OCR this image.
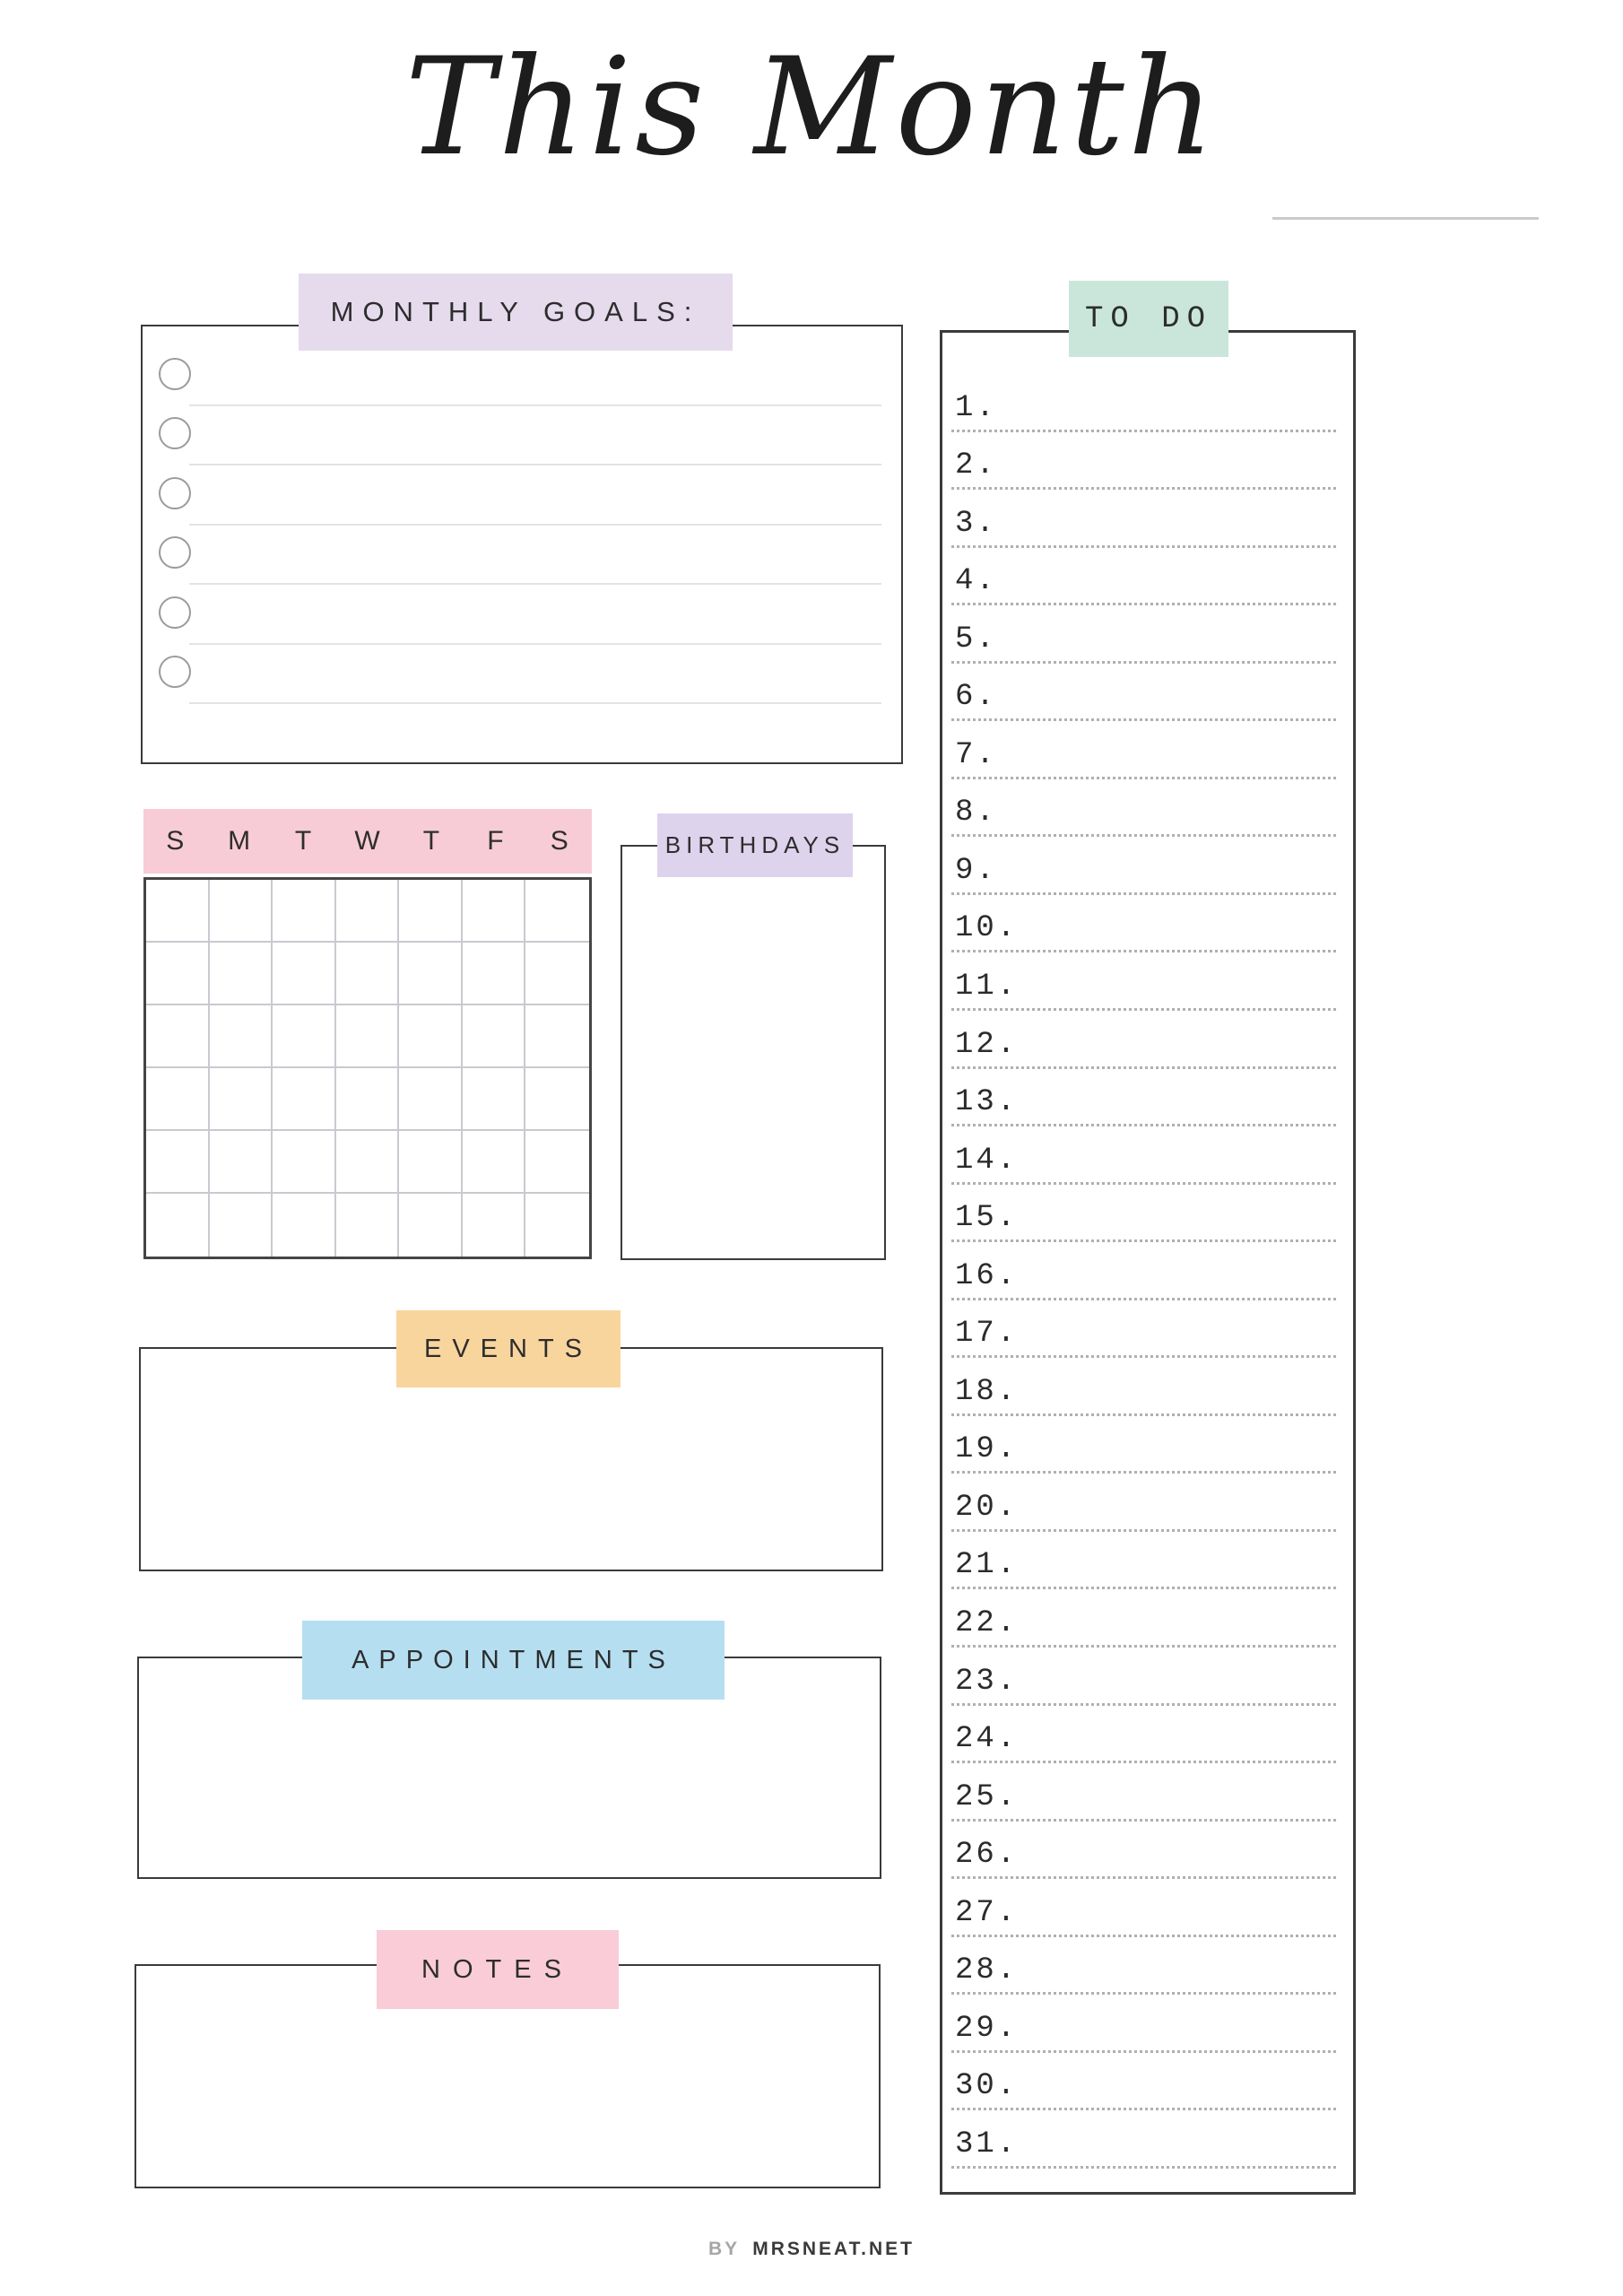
This Month
MONTHLY GOALS:
S M T W T F S	BIRTHDAYS
EVENTS
APPOINTMENTS
NOTES
1.
2.
3.
4.
5.
6.
7.
8.
9.
10.
11.
12.
13.
14.
15.
16.
17.
18.
19.
20.
21.
22.
23.
24.
25.
26.
27.
28.
29.
30.
31.
TO DO
BY MRSNEAT.NET
